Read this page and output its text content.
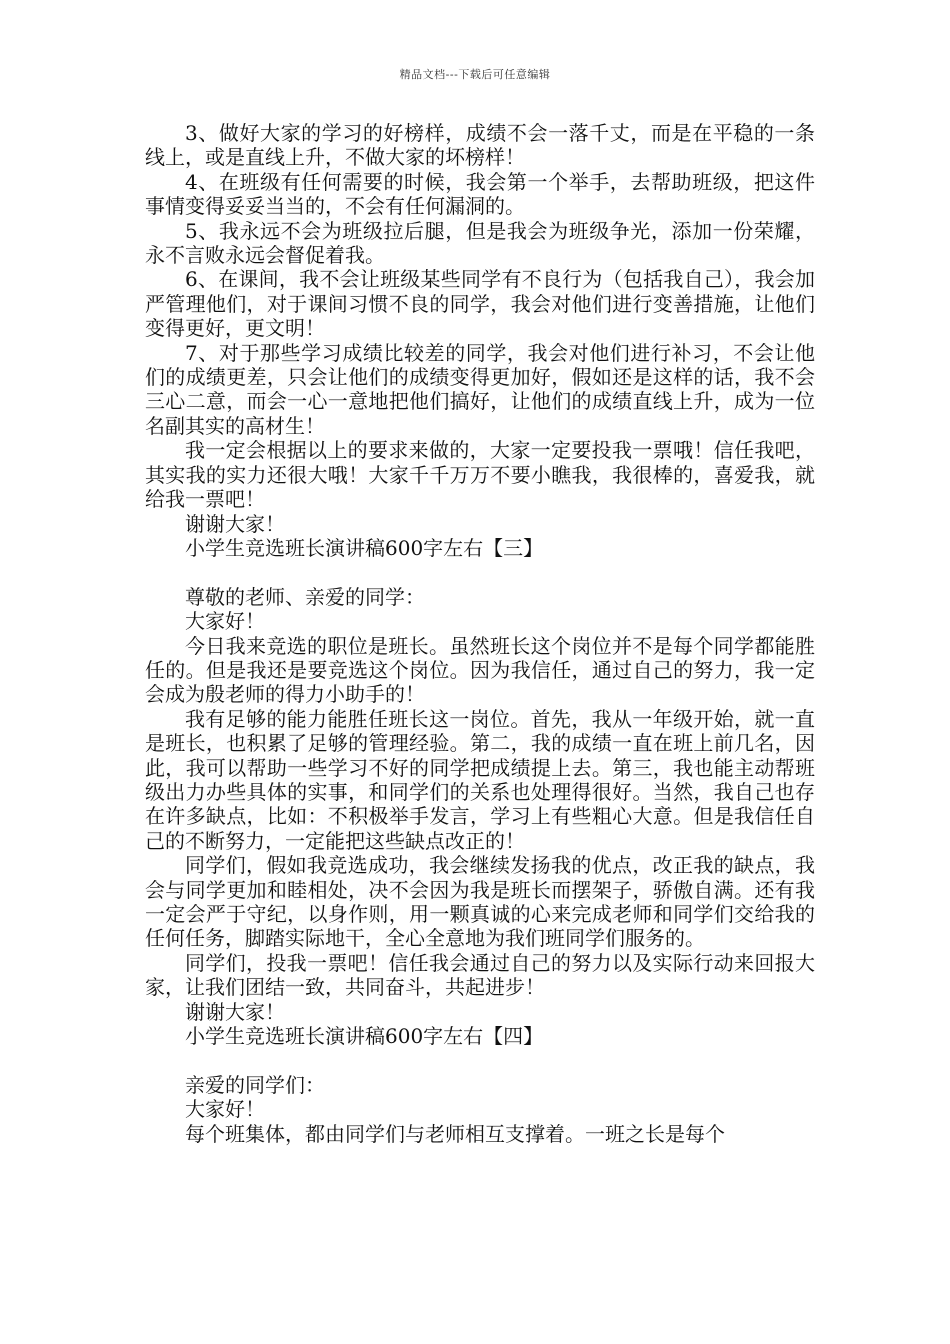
精品文档---下载后可任意编辑

3、做好大家的学习的好榜样，成绩不会一落千丈，而是在平稳的一条线上，或是直线上升，不做大家的坏榜样！

4、在班级有任何需要的时候，我会第一个举手，去帮助班级，把这件事情变得妥妥当当的，不会有任何漏洞的。

5、我永远不会为班级拉后腿，但是我会为班级争光，添加一份荣耀，永不言败永远会督促着我。

6、在课间，我不会让班级某些同学有不良行为（包括我自己），我会加严管理他们，对于课间习惯不良的同学，我会对他们进行变善措施，让他们变得更好，更文明！

7、对于那些学习成绩比较差的同学，我会对他们进行补习，不会让他们的成绩更差，只会让他们的成绩变得更加好，假如还是这样的话，我不会三心二意，而会一心一意地把他们搞好，让他们的成绩直线上升，成为一位名副其实的高材生！

我一定会根据以上的要求来做的，大家一定要投我一票哦！信任我吧，其实我的实力还很大哦！大家千千万万不要小瞧我，我很棒的，喜爱我，就给我一票吧！

谢谢大家！

小学生竞选班长演讲稿600字左右【三】

尊敬的老师、亲爱的同学：

大家好！

今日我来竞选的职位是班长。虽然班长这个岗位并不是每个同学都能胜任的。但是我还是要竞选这个岗位。因为我信任，通过自己的努力，我一定会成为殷老师的得力小助手的！

我有足够的能力能胜任班长这一岗位。首先，我从一年级开始，就一直是班长，也积累了足够的管理经验。第二，我的成绩一直在班上前几名，因此，我可以帮助一些学习不好的同学把成绩提上去。第三，我也能主动帮班级出力办些具体的实事，和同学们的关系也处理得很好。当然，我自己也存在许多缺点，比如：不积极举手发言，学习上有些粗心大意。但是我信任自己的不断努力，一定能把这些缺点改正的！

同学们，假如我竞选成功，我会继续发扬我的优点，改正我的缺点，我会与同学更加和睦相处，决不会因为我是班长而摆架子，骄傲自满。还有我一定会严于守纪，以身作则，用一颗真诚的心来完成老师和同学们交给我的任何任务，脚踏实际地干，全心全意地为我们班同学们服务的。

同学们，投我一票吧！信任我会通过自己的努力以及实际行动来回报大家，让我们团结一致，共同奋斗，共起进步！

谢谢大家！

小学生竞选班长演讲稿600字左右【四】

亲爱的同学们：

大家好！

每个班集体，都由同学们与老师相互支撑着。一班之长是每个
